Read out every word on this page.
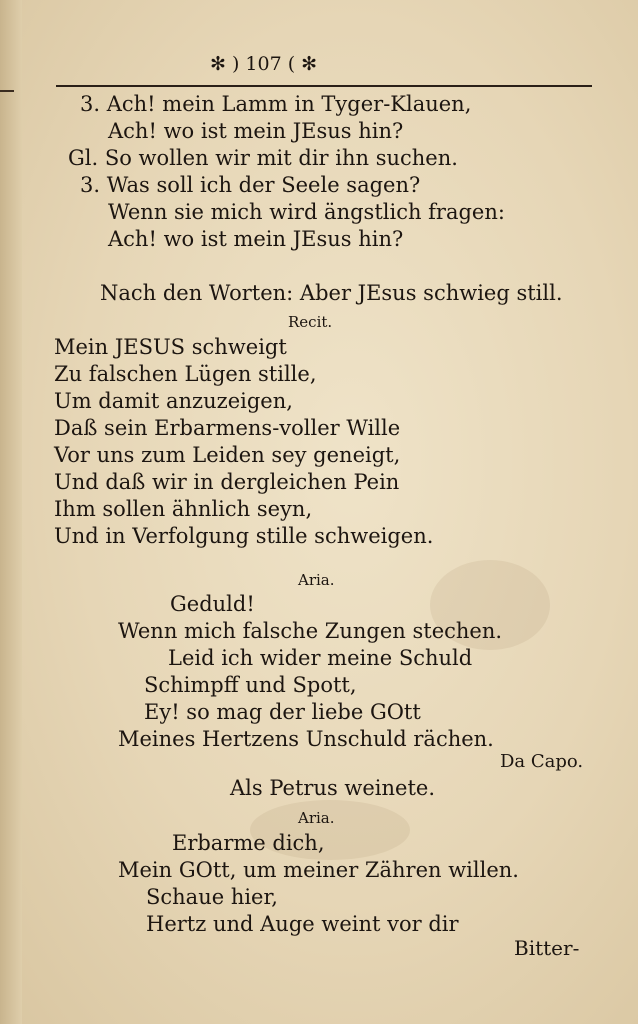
✻ ) 107 ( ✻
3. Ach! mein Lamm in Tyger-Klauen,
Ach! wo ist mein JEsus hin?
Gl. So wollen wir mit dir ihn suchen.
3. Was soll ich der Seele sagen?
Wenn sie mich wird ängstlich fragen:
Ach! wo ist mein JEsus hin?
Nach den Worten: Aber JEsus schwieg still.
Recit.
Mein JESUS schweigt
Zu falschen Lügen stille,
Um damit anzuzeigen,
Daß sein Erbarmens-voller Wille
Vor uns zum Leiden sey geneigt,
Und daß wir in dergleichen Pein
Ihm sollen ähnlich seyn,
Und in Verfolgung stille schweigen.
Aria.
Geduld!
Wenn mich falsche Zungen stechen.
Leid ich wider meine Schuld
Schimpff und Spott,
Ey! so mag der liebe GOtt
Meines Hertzens Unschuld rächen.
Da Capo.
Als Petrus weinete.
Aria.
Erbarme dich,
Mein GOtt, um meiner Zähren willen.
Schaue hier,
Hertz und Auge weint vor dir
Bitter-
